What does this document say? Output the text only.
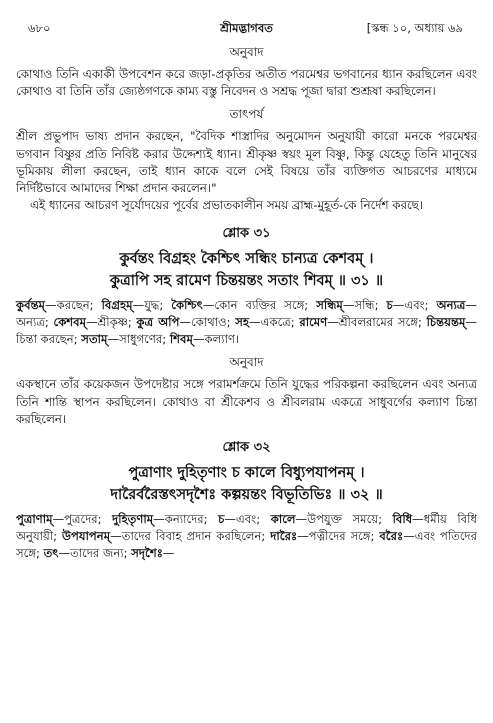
৬৮০	শ্রীমদ্ভাগবত	[স্কন্ধ ১০, অধ্যায় ৬৯
অনুবাদ

কোথাও তিনি একাকী উপবেশন করে জড়া-প্রকৃতির অতীত পরমেশ্বর ভগবানের ধ্যান করছিলেন এবং কোথাও বা তিনি তাঁর জ্যেষ্ঠগণকে কাম্য বস্তু নিবেদন ও সশ্রদ্ধ পূজা দ্বারা শুশ্রূষা করছিলেন।

তাৎপর্য

শ্রীল প্রভুপাদ ভাষ্য প্রদান করছেন, "বৈদিক শাস্ত্রাদির অনুমোদন অনুযায়ী কারো মনকে পরমেশ্বর ভগবান বিষ্ণুর প্রতি নিবিষ্ট করার উদ্দেশ্যই ধ্যান। শ্রীকৃষ্ণ স্বয়ং মূল বিষ্ণু, কিন্তু যেহেতু তিনি মানুষের ভূমিকায় লীলা করছেন, তাই ধ্যান কাকে বলে সেই বিষয়ে তাঁর ব্যক্তিগত আচরণের মাধ্যমে নির্দিষ্টভাবে আমাদের শিক্ষা প্রদান করলেন।"

এই ধ্যানের আচরণ সূর্যোদয়ের পূর্বের প্রভাতকালীন সময় ব্রাহ্ম-মুহূর্ত-কে নির্দেশ করছে।

শ্লোক ৩১

কুর্বন্তং বিগ্রহং কৈশ্চিৎ সন্ধিং চান্যত্র কেশবম্ ।

কুত্রাপি সহ রামেণ চিন্তয়ন্তং সতাং শিবম্ ॥ ৩১ ॥

কুর্বন্তম্—করছেন; বিগ্রহম্—যুদ্ধ; কৈশ্চিৎ—কোন ব্যক্তির সঙ্গে; সন্ধিম্—সন্ধি; চ—এবং; অন্যত্র—অন্যত্র; কেশবম্—শ্রীকৃষ্ণ; কুত্র অপি—কোথাও; সহ—একত্রে; রামেণ—শ্রীবলরামের সঙ্গে; চিন্তয়ন্তম্—চিন্তা করছেন; সতাম্—সাধুগণের; শিবম্—কল্যাণ।

অনুবাদ

একস্থানে তাঁর কয়েকজন উপদেষ্টার সঙ্গে পরামর্শক্রমে তিনি যুদ্ধের পরিকল্পনা করছিলেন এবং অন্যত্র তিনি শান্তি স্থাপন করছিলেন। কোথাও বা শ্রীকেশব ও শ্রীবলরাম একত্রে সাধুবর্গের কল্যাণ চিন্তা করছিলেন।

শ্লোক ৩২

পুত্রাণাং দুহিতৃণাং চ কালে বিধ্যুপযাপনম্ ।

দারৈর্বরৈস্তৎসদৃশৈঃ কল্পয়ন্তং বিভূতিভিঃ ॥ ৩২ ॥

পুত্রাণাম্—পুত্রদের; দুহিতৃণাম্—কন্যাদের; চ—এবং; কালে—উপযুক্ত সময়ে; বিধি—ধর্মীয় বিধি অনুযায়ী; উপযাপনম্—তাদের বিবাহ প্রদান করছিলেন; দারৈঃ—পত্নীদের সঙ্গে; বরৈঃ—এবং পতিদের সঙ্গে; তৎ—তাদের জন্য; সদৃশৈঃ—
